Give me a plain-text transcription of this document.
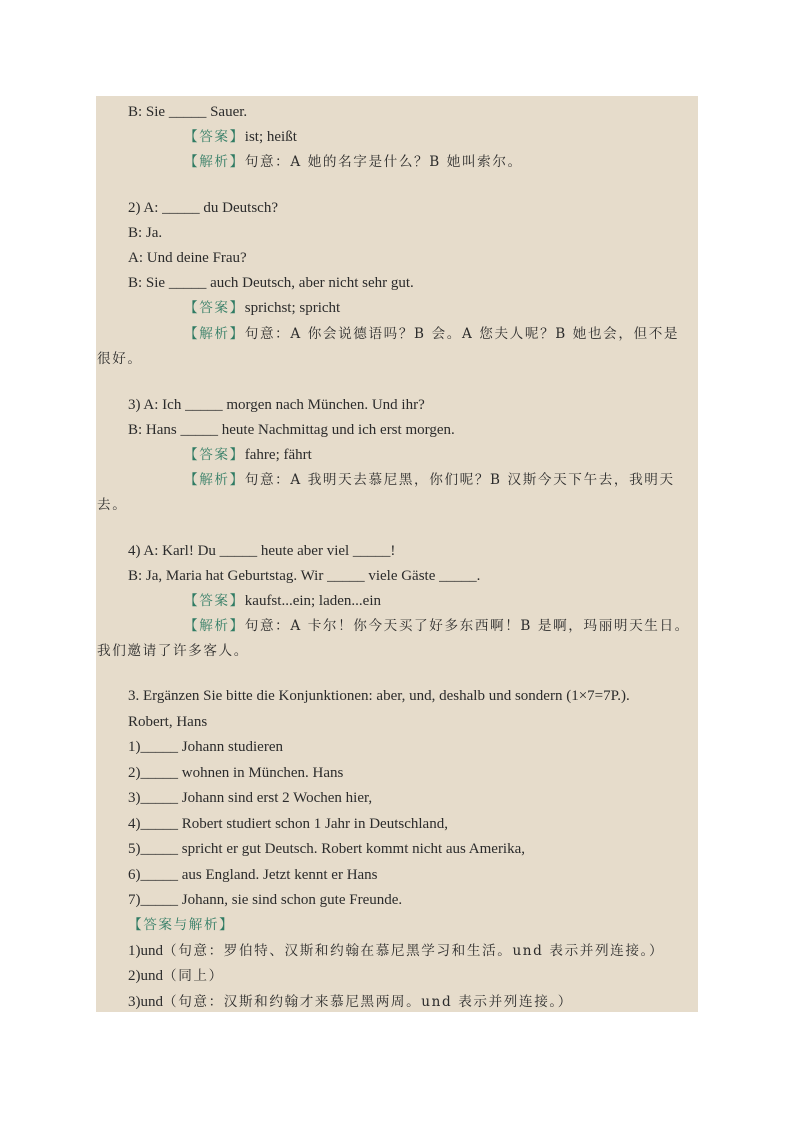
B: Sie _____ Sauer.
【答案】ist; heißt
【解析】句意：A 她的名字是什么？B 她叫索尔。
2) A: _____ du Deutsch?
B: Ja.
A: Und deine Frau?
B: Sie _____ auch Deutsch, aber nicht sehr gut.
【答案】sprichst; spricht
【解析】句意：A 你会说德语吗？B 会。A 您夫人呢？B 她也会，但不是
很好。
3) A: Ich _____ morgen nach München. Und ihr?
B: Hans _____ heute Nachmittag und ich erst morgen.
【答案】fahre; fährt
【解析】句意：A 我明天去慕尼黑，你们呢？B 汉斯今天下午去，我明天
去。
4) A: Karl! Du _____ heute aber viel _____!
B: Ja, Maria hat Geburtstag. Wir _____ viele Gäste _____.
【答案】kaufst...ein; laden...ein
【解析】句意：A 卡尔！你今天买了好多东西啊！B 是啊，玛丽明天生日。
我们邀请了许多客人。
3. Ergänzen Sie bitte die Konjunktionen: aber, und, deshalb und sondern (1×7=7P.).
Robert, Hans
1)_____ Johann studieren
2)_____ wohnen in München. Hans
3)_____ Johann sind erst 2 Wochen hier,
4)_____ Robert studiert schon 1 Jahr in Deutschland,
5)_____ spricht er gut Deutsch. Robert kommt nicht aus Amerika,
6)_____ aus England. Jetzt kennt er Hans
7)_____ Johann, sie sind schon gute Freunde.
【答案与解析】
1)und（句意：罗伯特、汉斯和约翰在慕尼黑学习和生活。und 表示并列连接。）
2)und（同上）
3)und（句意：汉斯和约翰才来慕尼黑两周。und 表示并列连接。）
